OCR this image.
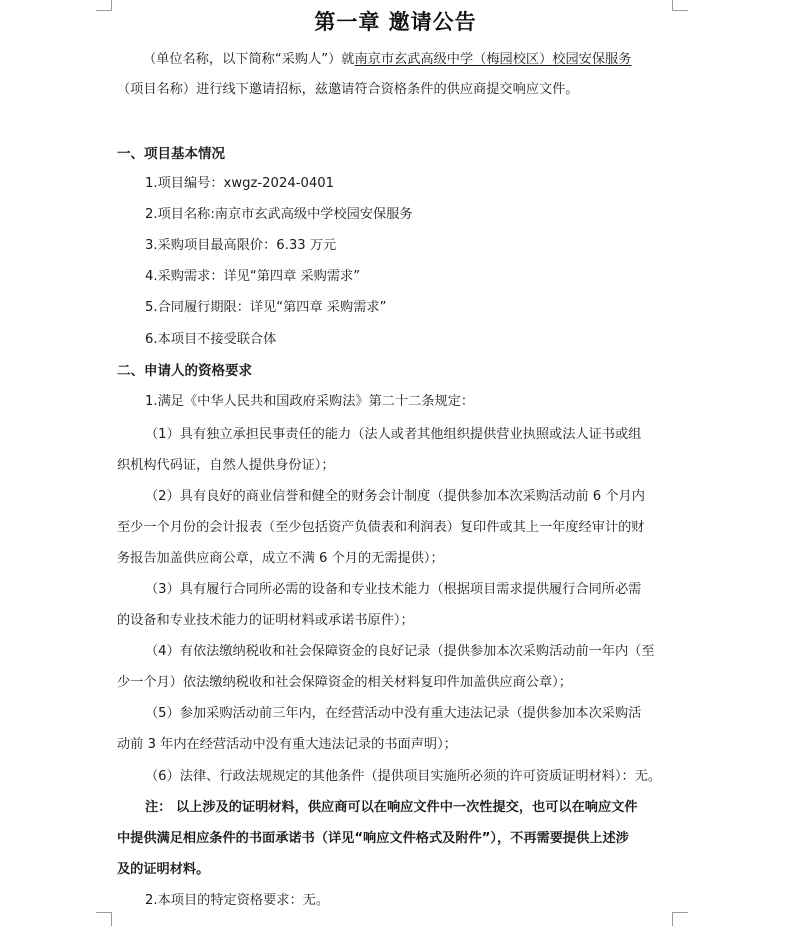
第一章 邀请公告
（单位名称，以下简称“采购人”）就南京市玄武高级中学（梅园校区）校园安保服务
（项目名称）进行线下邀请招标，兹邀请符合资格条件的供应商提交响应文件。
一、项目基本情况
1.项目编号：xwgz-2024-0401
2.项目名称:南京市玄武高级中学校园安保服务
3.采购项目最高限价：6.33 万元
4.采购需求：详见“第四章 采购需求”
5.合同履行期限：详见“第四章 采购需求”
6.本项目不接受联合体
二、申请人的资格要求
1.满足《中华人民共和国政府采购法》第二十二条规定：
（1）具有独立承担民事责任的能力（法人或者其他组织提供营业执照或法人证书或组
织机构代码证，自然人提供身份证）；
（2）具有良好的商业信誉和健全的财务会计制度（提供参加本次采购活动前 6 个月内
至少一个月份的会计报表（至少包括资产负债表和利润表）复印件或其上一年度经审计的财
务报告加盖供应商公章，成立不满 6 个月的无需提供）；
（3）具有履行合同所必需的设备和专业技术能力（根据项目需求提供履行合同所必需
的设备和专业技术能力的证明材料或承诺书原件）；
（4）有依法缴纳税收和社会保障资金的良好记录（提供参加本次采购活动前一年内（至
少一个月）依法缴纳税收和社会保障资金的相关材料复印件加盖供应商公章）；
（5）参加采购活动前三年内，在经营活动中没有重大违法记录（提供参加本次采购活
动前 3 年内在经营活动中没有重大违法记录的书面声明）；
（6）法律、行政法规规定的其他条件（提供项目实施所必须的许可资质证明材料）：无。
注： 以上涉及的证明材料，供应商可以在响应文件中一次性提交，也可以在响应文件
中提供满足相应条件的书面承诺书（详见“响应文件格式及附件”），不再需要提供上述涉
及的证明材料。
2.本项目的特定资格要求：无。
